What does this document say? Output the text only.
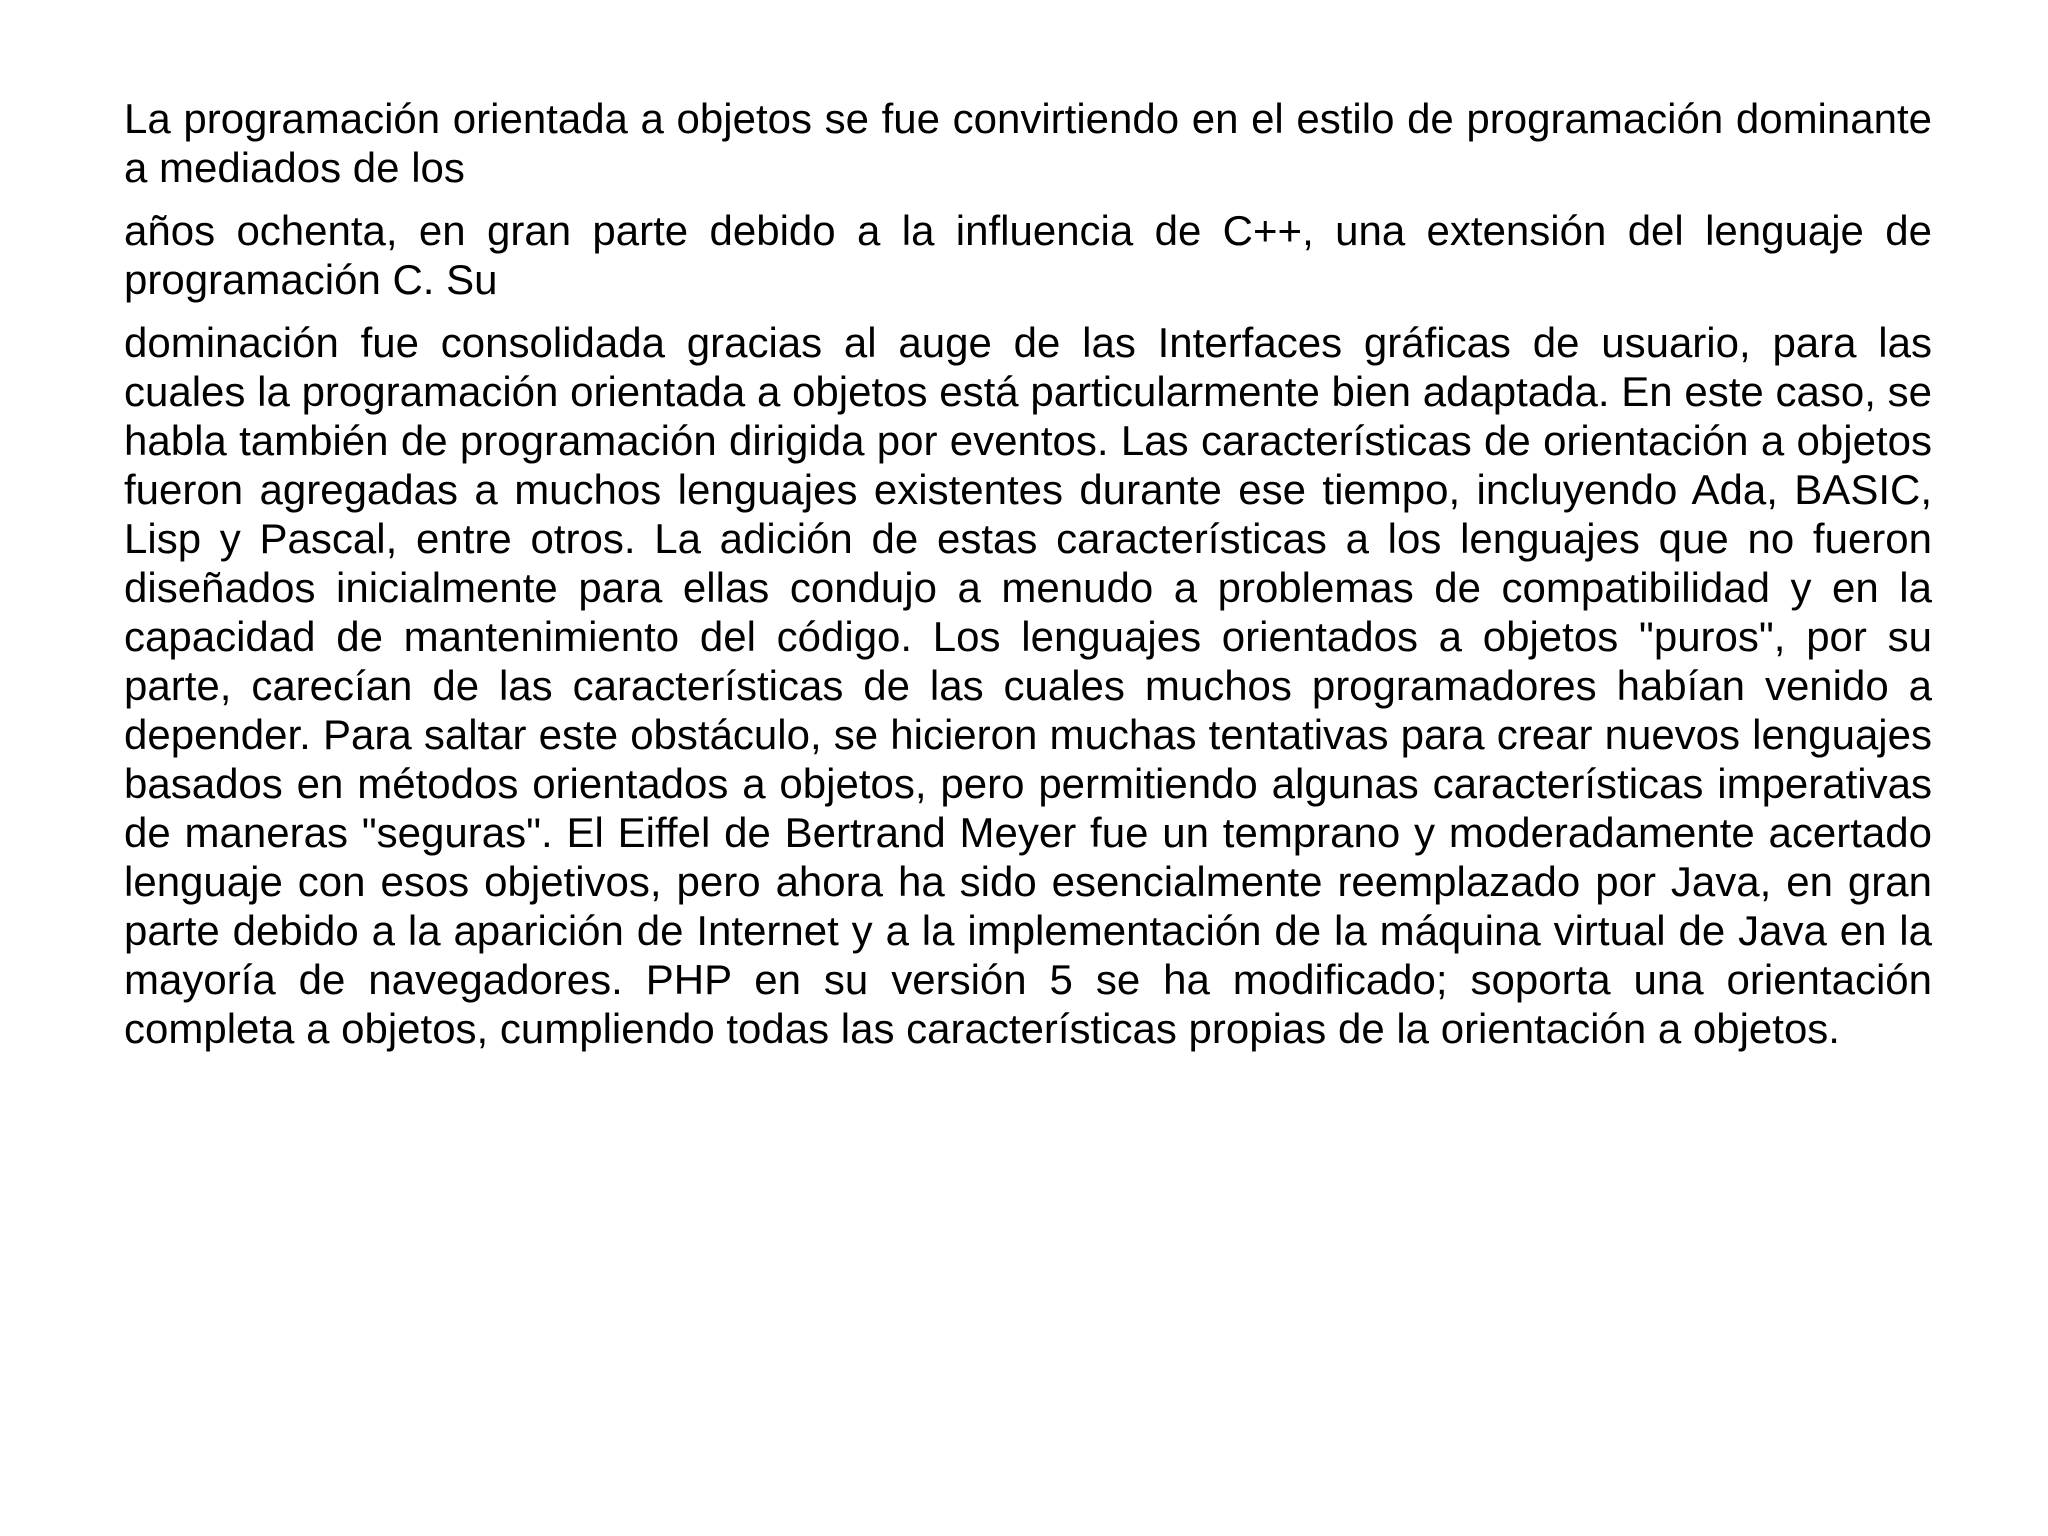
La programación orientada a objetos se fue convirtiendo en el estilo de programación dominante a mediados de los

años ochenta, en gran parte debido a la influencia de C++, una extensión del lenguaje de programación C. Su

dominación fue consolidada gracias al auge de las Interfaces gráficas de usuario, para las cuales la programación orientada a objetos está particularmente bien adaptada. En este caso, se habla también de programación dirigida por eventos. Las características de orientación a objetos fueron agregadas a muchos lenguajes existentes durante ese tiempo, incluyendo Ada, BASIC, Lisp y Pascal, entre otros. La adición de estas características a los lenguajes que no fueron diseñados inicialmente para ellas condujo a menudo a problemas de compatibilidad y en la capacidad de mantenimiento del código. Los lenguajes orientados a objetos "puros", por su parte, carecían de las características de las cuales muchos programadores habían venido a depender. Para saltar este obstáculo, se hicieron muchas tentativas para crear nuevos lenguajes basados en métodos orientados a objetos, pero permitiendo algunas características imperativas de maneras "seguras". El Eiffel de Bertrand Meyer fue un temprano y moderadamente acertado lenguaje con esos objetivos, pero ahora ha sido esencialmente reemplazado por Java, en gran parte debido a la aparición de Internet y a la implementación de la máquina virtual de Java en la mayoría de navegadores. PHP en su versión 5 se ha modificado; soporta una orientación completa a objetos, cumpliendo todas las características propias de la orientación a objetos.
